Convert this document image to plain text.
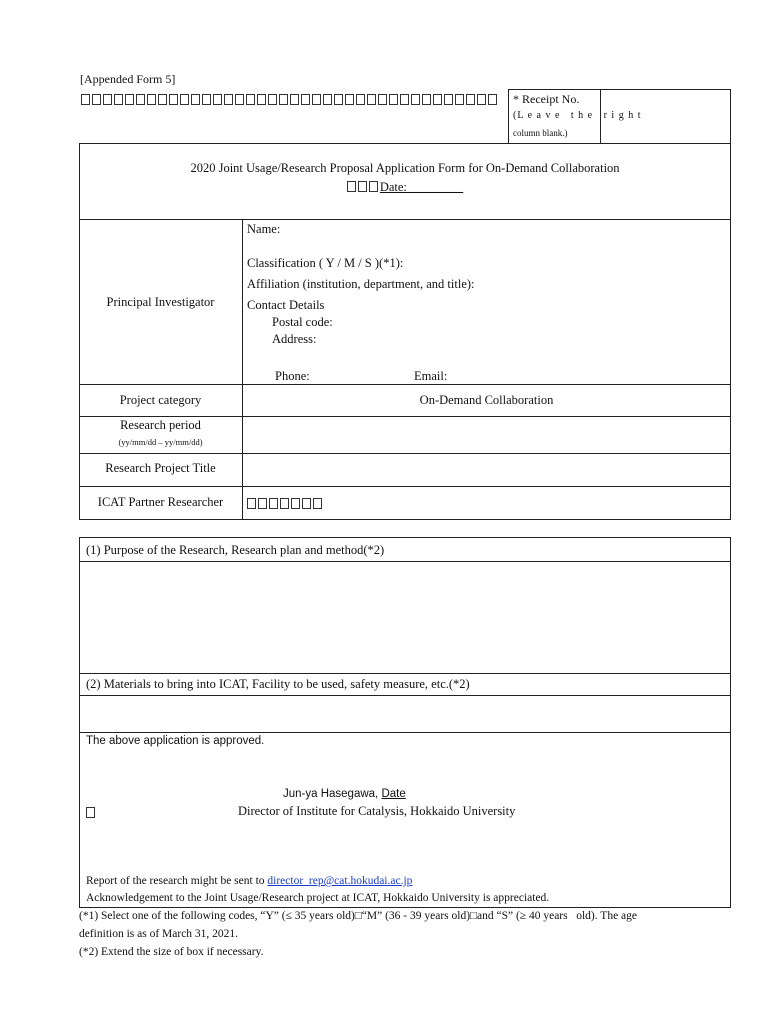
[Appended Form 5]
* Receipt No.
(L e a v e   t h e   r i g h t
column blank.)
2020 Joint Usage/Research Proposal Application Form for On-Demand Collaboration
Date:_________
Principal Investigator
Name:
Classification ( Y / M / S )(*1):
Affiliation (institution, department, and title):
Contact Details
Postal code:
Address:
Phone:	Email:
Project category	On-Demand Collaboration
Research period
(yy/mm/dd – yy/mm/dd)
Research Project Title
ICAT Partner Researcher
(1) Purpose of the Research, Research plan and method(*2)
(2) Materials to bring into ICAT, Facility to be used, safety measure, etc.(*2)
The above application is approved.
Jun-ya Hasegawa, Date
Director of Institute for Catalysis, Hokkaido University
Report of the research might be sent to director_rep@cat.hokudai.ac.jp
Acknowledgement to the Joint Usage/Research project at ICAT, Hokkaido University is appreciated.
(*1) Select one of the following codes, “Y” (≤ 35 years old)□“M” (36 - 39 years old)□and “S” (≥ 40 years   old). The age
definition is as of March 31, 2021.
(*2) Extend the size of box if necessary.
